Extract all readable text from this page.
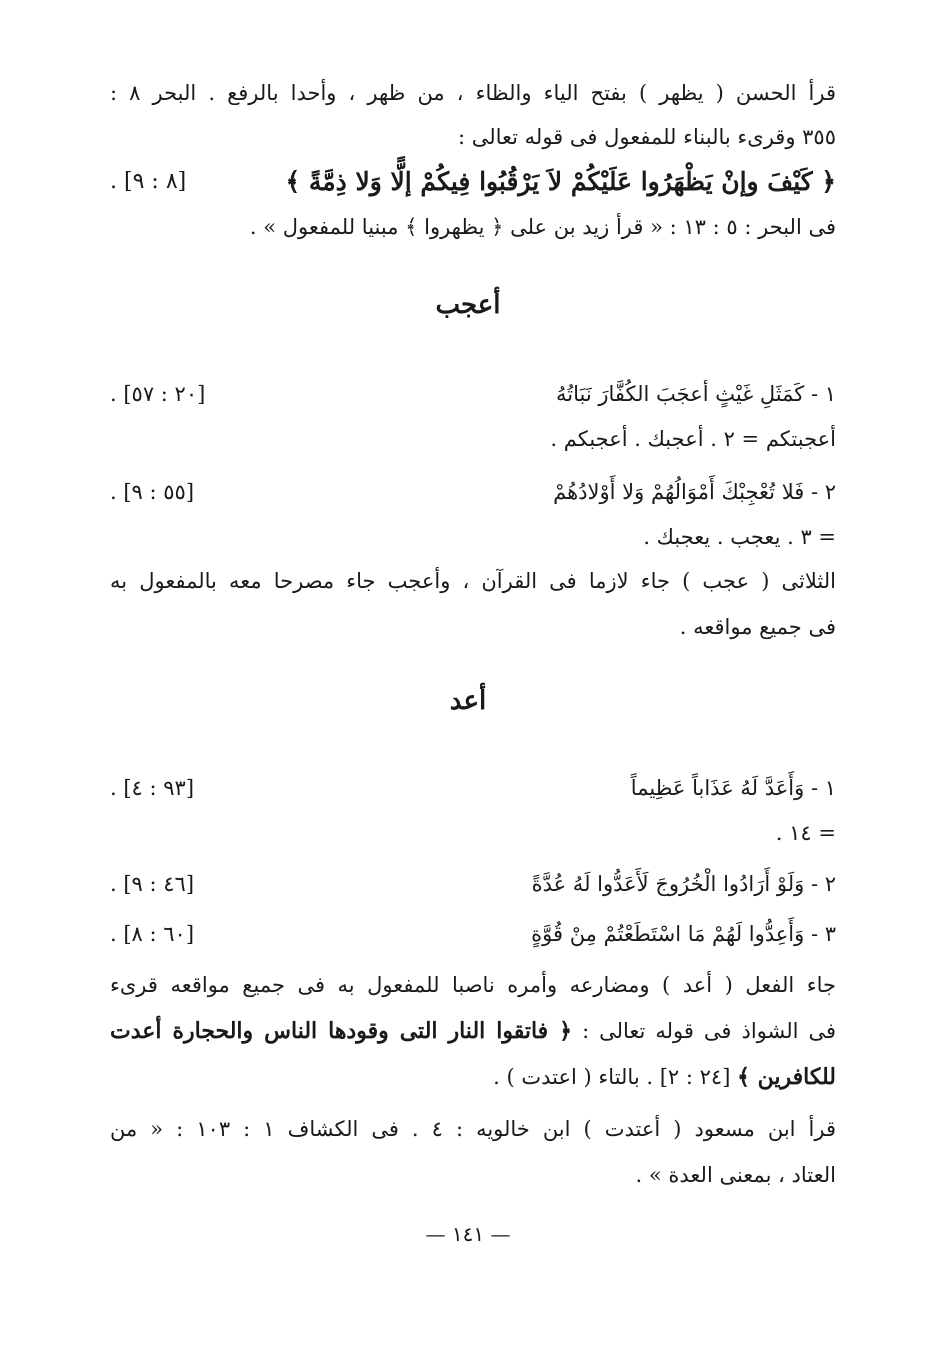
قرأ الحسن ( يظهر ) بفتح الياء والظاء ، من ظهر ، وأحدا بالرفع . البحر ٨ :
٣٥٥ وقرىء بالبناء للمفعول فى قوله تعالى :
﴿ كَيْفَ وإنْ يَظْهَرُوا عَلَيْكُمْ لاَ يَرْقُبُوا فِيكُمْ إلًّا وَلا ذِمَّةً ﴾
. [٨ : ٩]
فى البحر : ٥ : ١٣ : « قرأ زيد بن على ﴿ يظهروا ﴾ مبنيا للمفعول » .
أعجب
١ - كَمَثَلِ غَيْثٍ أعجَبَ الكُفَّارَ نَبَاتُهُ
. [٢٠ : ٥٧]
أعجبتكم = ٢ . أعجبك . أعجبكم .
٢ - فَلا تُعْجِبْكَ أَمْوَالُهُمْ وَلا أَوْلادُهُمْ
. [٥٥ : ٩]
= ٣ . يعجب . يعجبك .
الثلاثى ( عجب ) جاء لازما فى القرآن ، وأعجب جاء مصرحا معه بالمفعول به
فى جميع مواقعه .
أعد
١ - وَأَعَدَّ لَهُ عَذَاباً عَظِيماً
. [٩٣ : ٤]
= ١٤ .
٢ - وَلَوْ أَرَادُوا الْخُرُوجَ لَأَعَدُّوا لَهُ عُدَّةً
. [٤٦ : ٩]
٣ - وَأَعِدُّوا لَهُمْ مَا اسْتَطَعْتُمْ مِنْ قُوَّةٍ
. [٦٠ : ٨]
جاء الفعل ( أعد ) ومضارعه وأمره ناصبا للمفعول به فى جميع مواقعه قرىء
فى الشواذ فى قوله تعالى : ﴿ فاتقوا النار التى وقودها الناس والحجارة أعدت
للكافرين ﴾ [٢٤ : ٢] . بالتاء ( اعتدت ) .
قرأ ابن مسعود ( أعتدت ) ابن خالويه : ٤ . فى الكشاف ١ : ١٠٣ : « من
العتاد ، بمعنى العدة » .
— ١٤١ —
